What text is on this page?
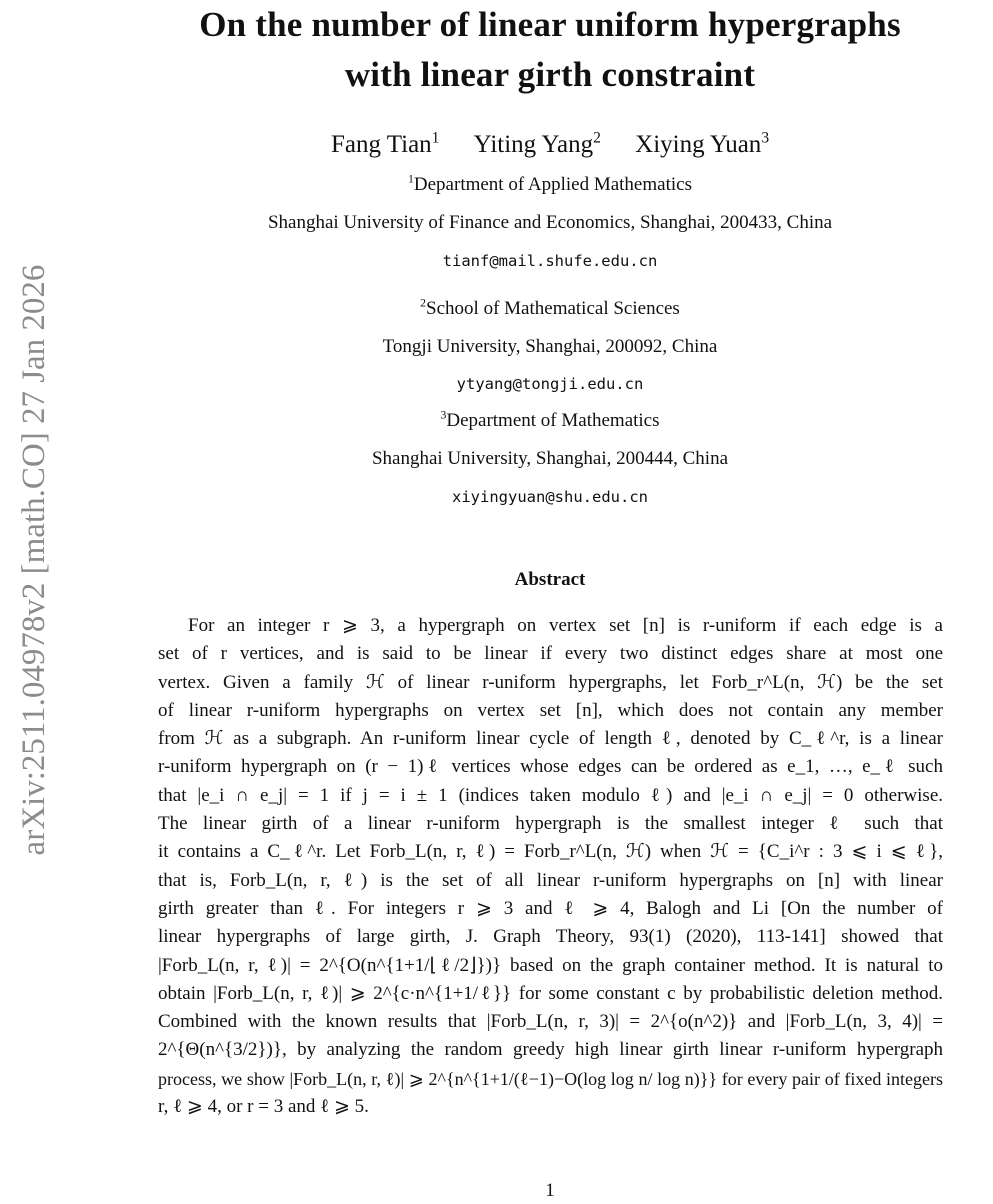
arXiv:2511.04978v2 [math.CO] 27 Jan 2026
On the number of linear uniform hypergraphs
with linear girth constraint
Fang Tian$^1$ Yiting Yang$^2$ Xiying Yuan$^3$
$^1$Department of Applied Mathematics
Shanghai University of Finance and Economics, Shanghai, 200433, China
tianf@mail.shufe.edu.cn
$^2$School of Mathematical Sciences
Tongji University, Shanghai, 200092, China
ytyang@tongji.edu.cn
$^3$Department of Mathematics
Shanghai University, Shanghai, 200444, China
xiyingyuan@shu.edu.cn
Abstract
For an integer r ⩾ 3, a hypergraph on vertex set [n] is r-uniform if each edge is a
set of r vertices, and is said to be linear if every two distinct edges share at most one
vertex. Given a family ℋ of linear r-uniform hypergraphs, let Forb_r^L(n, ℋ) be the set
of linear r-uniform hypergraphs on vertex set [n], which does not contain any member
from ℋ as a subgraph. An r-uniform linear cycle of length ℓ, denoted by C_ℓ^r, is a linear
r-uniform hypergraph on (r − 1)ℓ vertices whose edges can be ordered as e_1, …, e_ℓ such
that |e_i ∩ e_j| = 1 if j = i ± 1 (indices taken modulo ℓ) and |e_i ∩ e_j| = 0 otherwise.
The linear girth of a linear r-uniform hypergraph is the smallest integer ℓ such that
it contains a C_ℓ^r. Let Forb_L(n, r, ℓ) = Forb_r^L(n, ℋ) when ℋ = {C_i^r : 3 ⩽ i ⩽ ℓ},
that is, Forb_L(n, r, ℓ) is the set of all linear r-uniform hypergraphs on [n] with linear
girth greater than ℓ. For integers r ⩾ 3 and ℓ ⩾ 4, Balogh and Li [On the number of
linear hypergraphs of large girth, J. Graph Theory, 93(1) (2020), 113-141] showed that
|Forb_L(n, r, ℓ)| = 2^{O(n^{1+1/⌊ℓ/2⌋})} based on the graph container method. It is natural to
obtain |Forb_L(n, r, ℓ)| ⩾ 2^{c·n^{1+1/ℓ}} for some constant c by probabilistic deletion method.
Combined with the known results that |Forb_L(n, r, 3)| = 2^{o(n^2)} and |Forb_L(n, 3, 4)| =
2^{Θ(n^{3/2})}, by analyzing the random greedy high linear girth linear r-uniform hypergraph
process, we show |Forb_L(n, r, ℓ)| ⩾ 2^{n^{1+1/(ℓ−1)−O(log log n/ log n)}} for every pair of fixed integers
r, ℓ ⩾ 4, or r = 3 and ℓ ⩾ 5.
1
